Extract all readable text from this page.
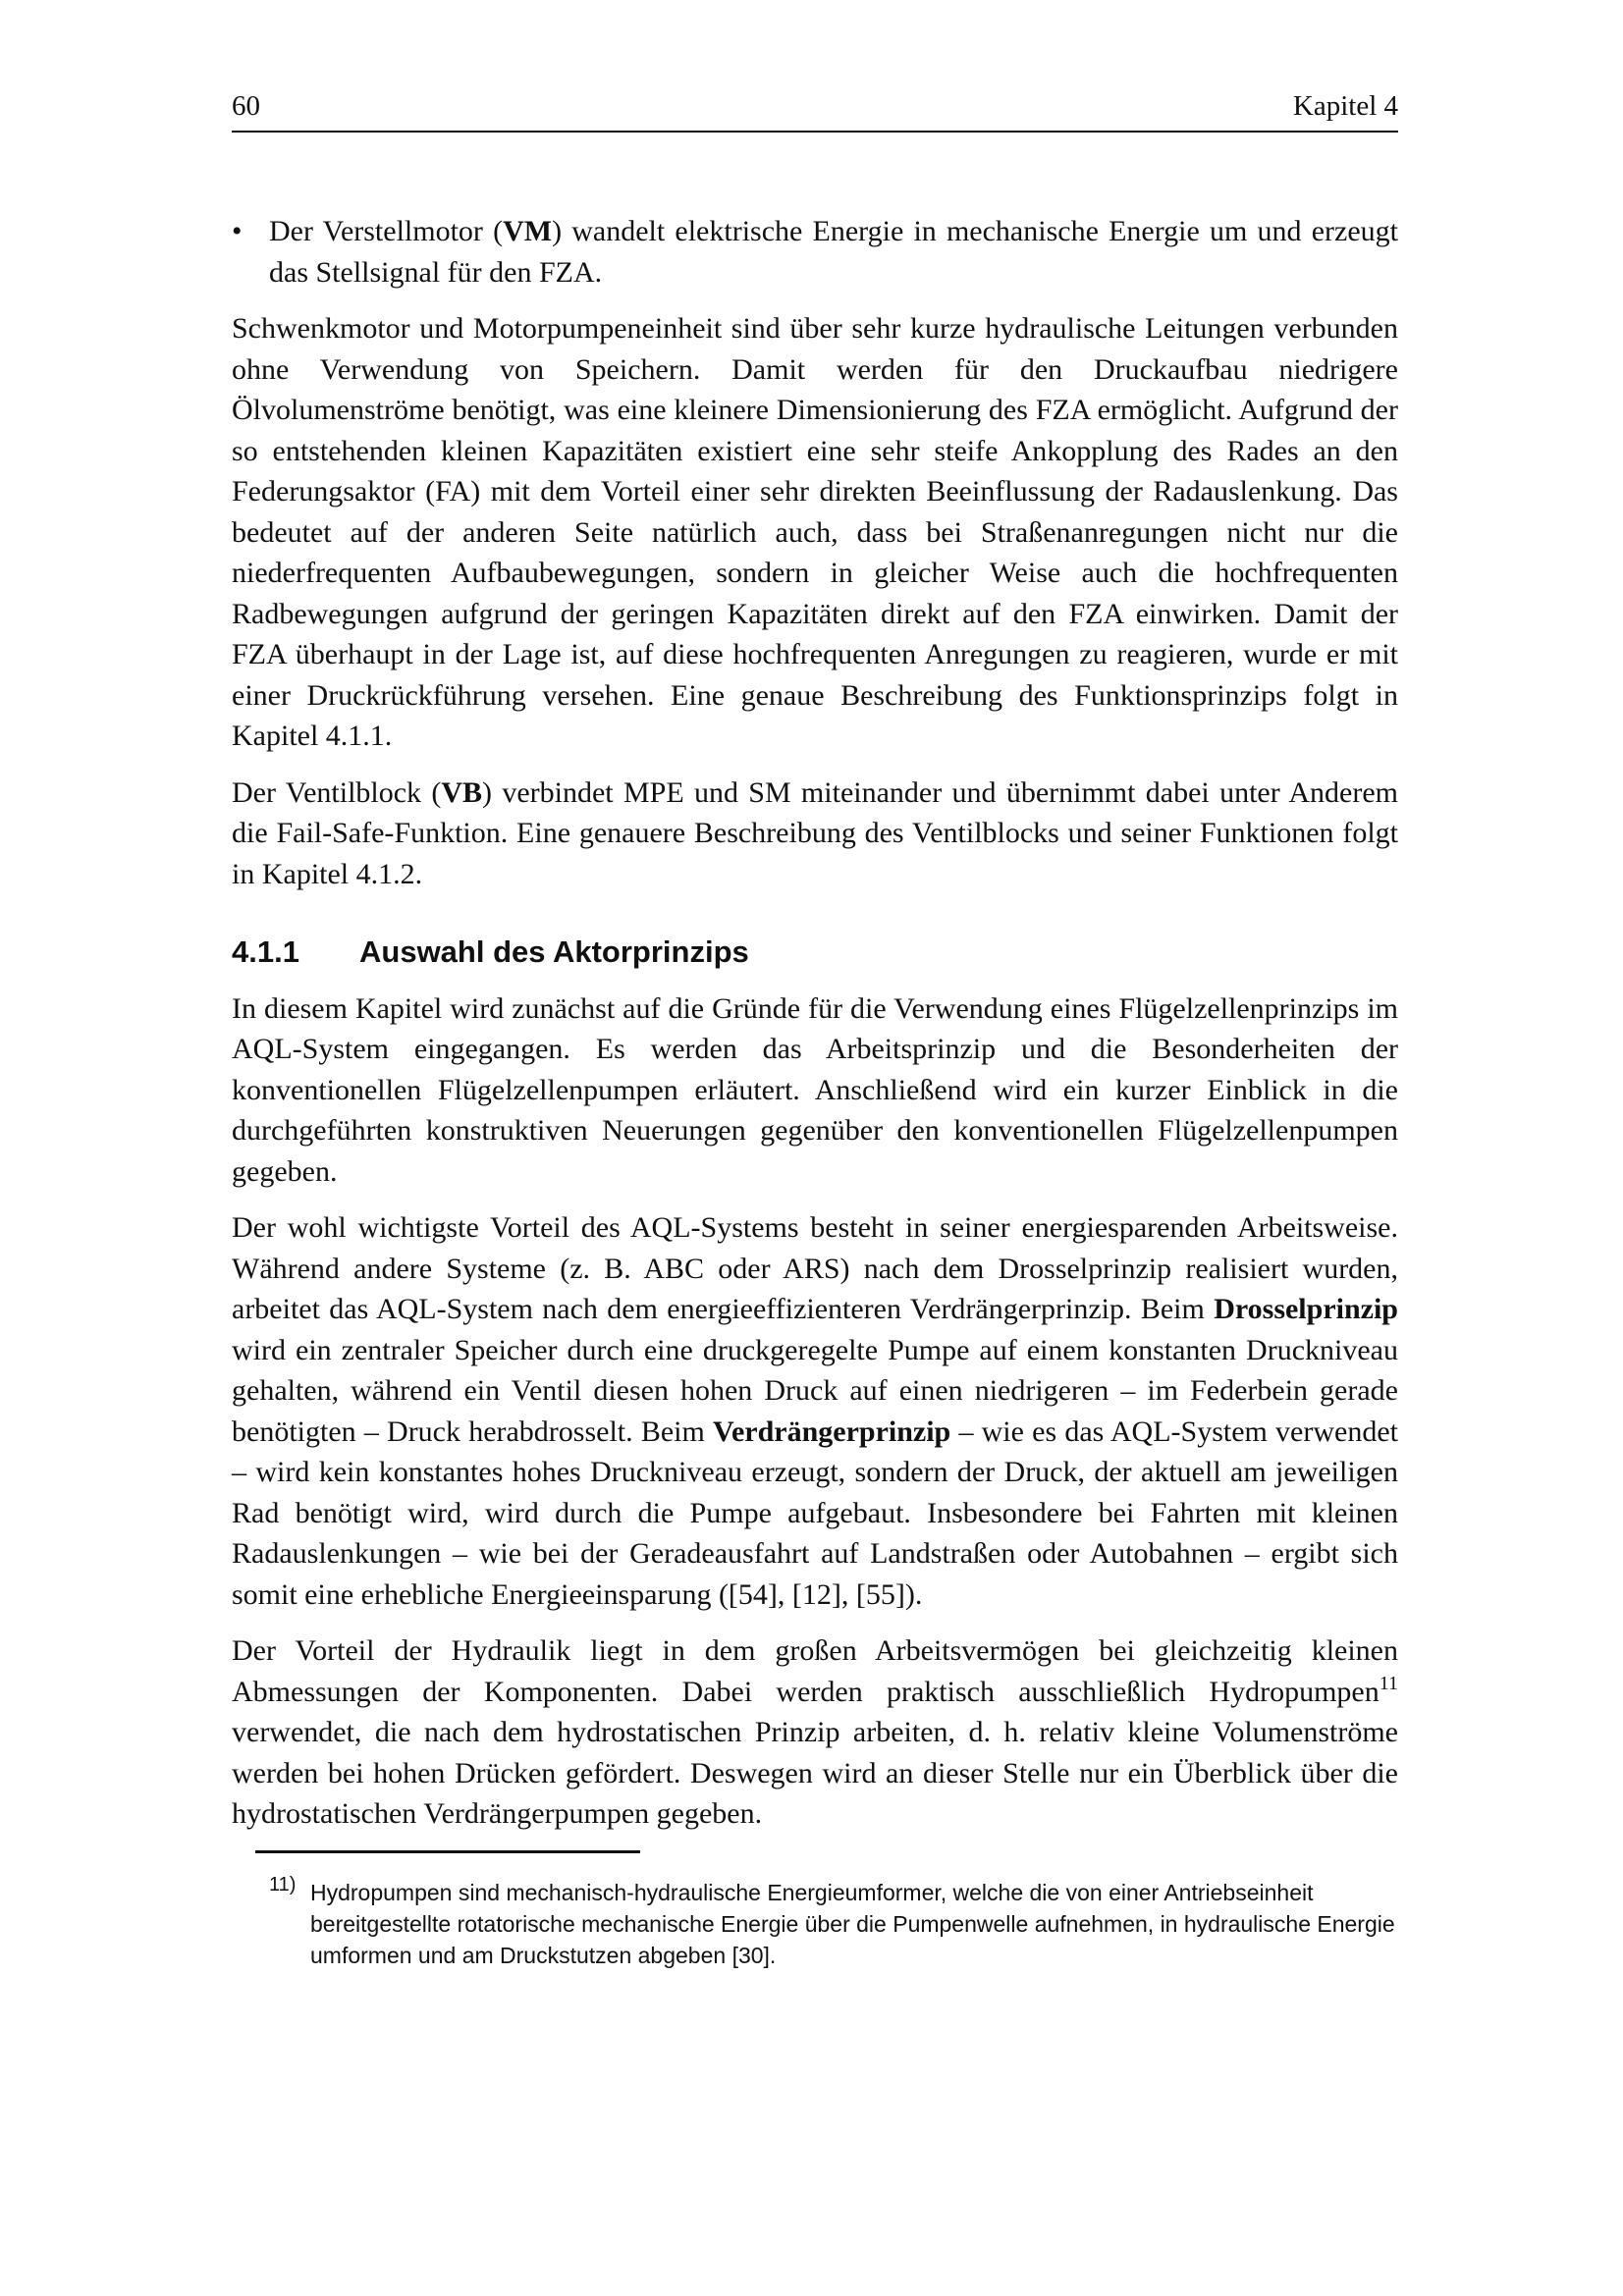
60	Kapitel 4
• Der Verstellmotor (VM) wandelt elektrische Energie in mechanische Energie um und erzeugt das Stellsignal für den FZA.

Schwenkmotor und Motorpumpeneinheit sind über sehr kurze hydraulische Leitungen verbunden ohne Verwendung von Speichern. Damit werden für den Druckaufbau niedrigere Ölvolumenströme benötigt, was eine kleinere Dimensionierung des FZA ermöglicht. Aufgrund der so entstehenden kleinen Kapazitäten existiert eine sehr steife Ankopplung des Rades an den Federungsaktor (FA) mit dem Vorteil einer sehr direkten Beeinflussung der Radauslenkung. Das bedeutet auf der anderen Seite natürlich auch, dass bei Straßenanregungen nicht nur die niederfrequenten Aufbaubewegungen, sondern in gleicher Weise auch die hochfrequenten Radbewegungen aufgrund der geringen Kapazitäten direkt auf den FZA einwirken. Damit der FZA überhaupt in der Lage ist, auf diese hochfrequenten Anregungen zu reagieren, wurde er mit einer Druckrückführung versehen. Eine genaue Beschreibung des Funktionsprinzips folgt in Kapitel 4.1.1.

Der Ventilblock (VB) verbindet MPE und SM miteinander und übernimmt dabei unter Anderem die Fail-Safe-Funktion. Eine genauere Beschreibung des Ventilblocks und seiner Funktionen folgt in Kapitel 4.1.2.

4.1.1	Auswahl des Aktorprinzips

In diesem Kapitel wird zunächst auf die Gründe für die Verwendung eines Flügelzellenprinzips im AQL-System eingegangen. Es werden das Arbeitsprinzip und die Besonderheiten der konventionellen Flügelzellenpumpen erläutert. Anschließend wird ein kurzer Einblick in die durchgeführten konstruktiven Neuerungen gegenüber den konventionellen Flügelzellenpumpen gegeben.

Der wohl wichtigste Vorteil des AQL-Systems besteht in seiner energiesparenden Arbeitsweise. Während andere Systeme (z. B. ABC oder ARS) nach dem Drosselprinzip realisiert wurden, arbeitet das AQL-System nach dem energieeffizienteren Verdrängerprinzip. Beim Drosselprinzip wird ein zentraler Speicher durch eine druckgeregelte Pumpe auf einem konstanten Druckniveau gehalten, während ein Ventil diesen hohen Druck auf einen niedrigeren – im Federbein gerade benötigten – Druck herabdrosselt. Beim Verdrängerprinzip – wie es das AQL-System verwendet – wird kein konstantes hohes Druckniveau erzeugt, sondern der Druck, der aktuell am jeweiligen Rad benötigt wird, wird durch die Pumpe aufgebaut. Insbesondere bei Fahrten mit kleinen Radauslenkungen – wie bei der Geradeausfahrt auf Landstraßen oder Autobahnen – ergibt sich somit eine erhebliche Energieeinsparung ([54], [12], [55]).

Der Vorteil der Hydraulik liegt in dem großen Arbeitsvermögen bei gleichzeitig kleinen Abmessungen der Komponenten. Dabei werden praktisch ausschließlich Hydropumpen$^{11}$ verwendet, die nach dem hydrostatischen Prinzip arbeiten, d. h. relativ kleine Volumenströme werden bei hohen Drücken gefördert. Deswegen wird an dieser Stelle nur ein Überblick über die hydrostatischen Verdrängerpumpen gegeben.

11) Hydropumpen sind mechanisch-hydraulische Energieumformer, welche die von einer Antriebseinheit bereitgestellte rotatorische mechanische Energie über die Pumpenwelle aufnehmen, in hydraulische Energie umformen und am Druckstutzen abgeben [30].
